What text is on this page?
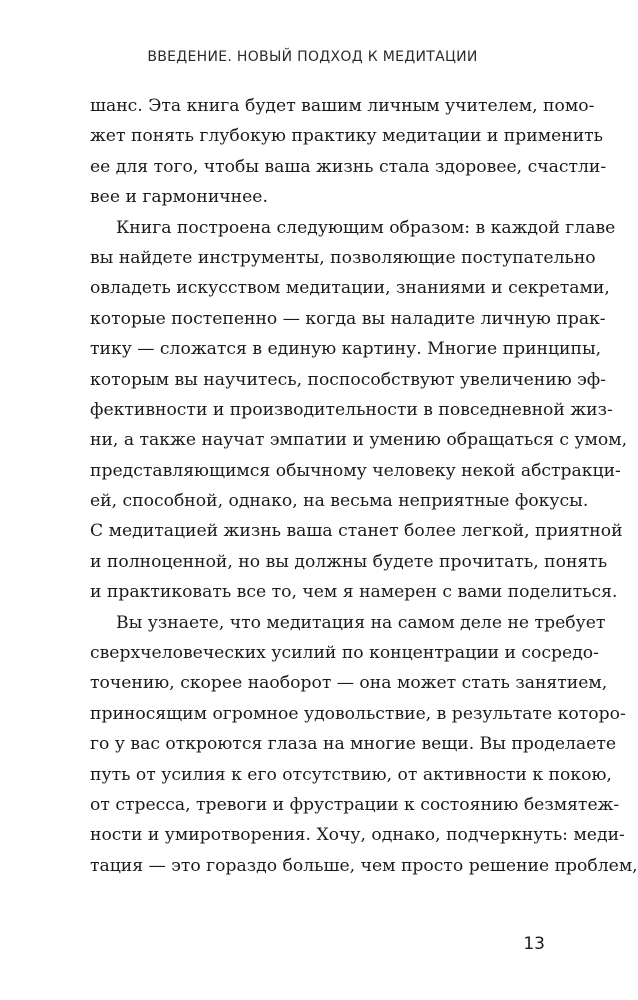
ВВЕДЕНИЕ. НОВЫЙ ПОДХОД К МЕДИТАЦИИ
шанс. Эта книга будет вашим личным учителем, помо-
жет понять глубокую практику медитации и применить
ее для того, чтобы ваша жизнь стала здоровее, счастли-
вее и гармоничнее.
Книга построена следующим образом: в каждой главе
вы найдете инструменты, позволяющие поступательно
овладеть искусством медитации, знаниями и секретами,
которые постепенно — когда вы наладите личную прак-
тику — сложатся в единую картину. Многие принципы,
которым вы научитесь, поспособствуют увеличению эф-
фективности и производительности в повседневной жиз-
ни, а также научат эмпатии и умению обращаться с умом,
представляющимся обычному человеку некой абстракци-
ей, способной, однако, на весьма неприятные фокусы.
С медитацией жизнь ваша станет более легкой, приятной
и полноценной, но вы должны будете прочитать, понять
и практиковать все то, чем я намерен с вами поделиться.
Вы узнаете, что медитация на самом деле не требует
сверхчеловеческих усилий по концентрации и сосредо-
точению, скорее наоборот — она может стать занятием,
приносящим огромное удовольствие, в результате которо-
го у вас откроются глаза на многие вещи. Вы проделаете
путь от усилия к его отсутствию, от активности к покою,
от стресса, тревоги и фрустрации к состоянию безмятеж-
ности и умиротворения. Хочу, однако, подчеркнуть: меди-
тация — это гораздо больше, чем просто решение проблем,
13
